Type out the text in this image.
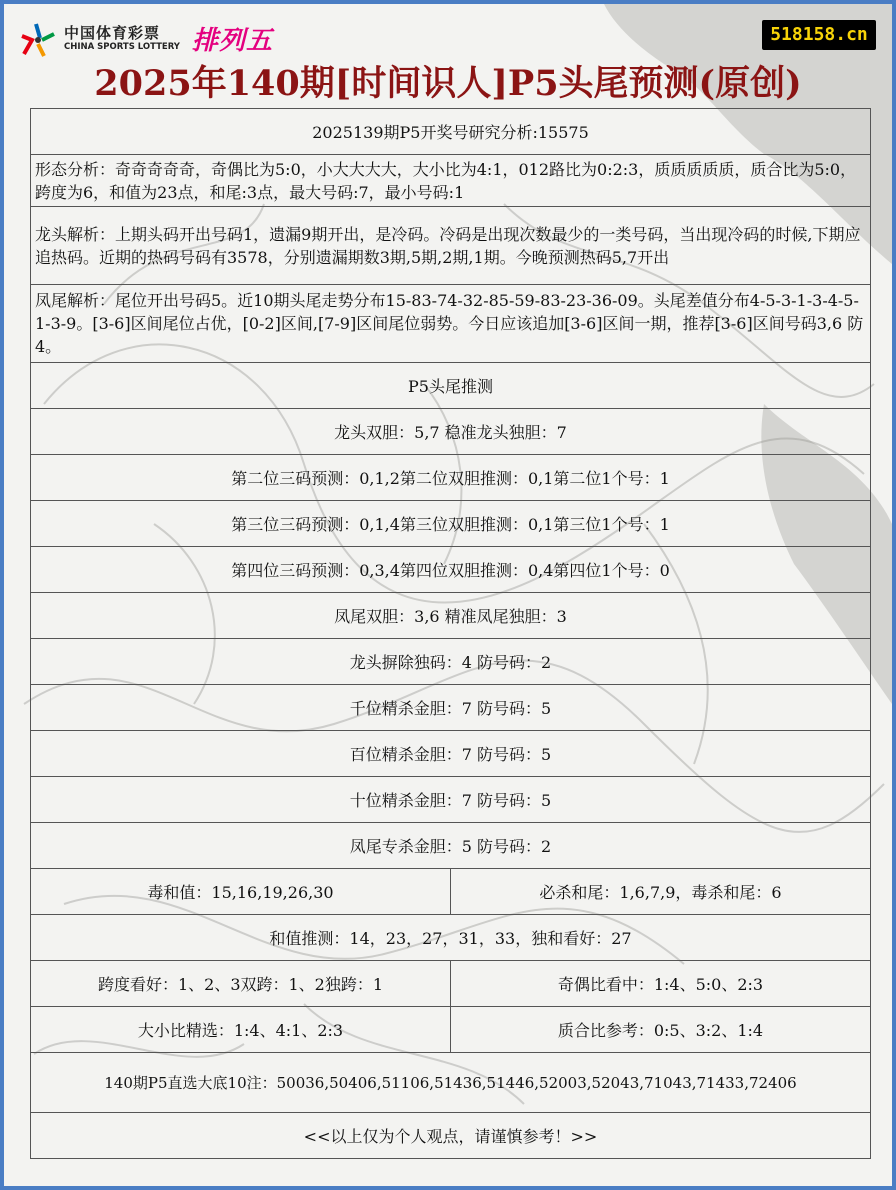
中国体育彩票
CHINA SPORTS LOTTERY 排列五	518158.cn
2025年140期[时间识人]P5头尾预测(原创)
2025139期P5开奖号研究分析:15575	
形态分析：奇奇奇奇奇，奇偶比为5:0，小大大大大，大小比为4:1，012路比为0:2:3，质质质质质，质合比为5:0，跨度为6，和值为23点，和尾:3点，最大号码:7，最小号码:1	
龙头解析：上期头码开出号码1，遗漏9期开出，是冷码。冷码是出现次数最少的一类号码，当出现冷码的时候,下期应追热码。近期的热码号码有3578，分别遗漏期数3期,5期,2期,1期。今晚预测热码5,7开出	
凤尾解析：尾位开出号码5。近10期头尾走势分布15-83-74-32-85-59-83-23-36-09。头尾差值分布4-5-3-1-3-4-5-1-3-9。[3-6]区间尾位占优，[0-2]区间,[7-9]区间尾位弱势。今日应该追加[3-6]区间一期，推荐[3-6]区间号码3,6 防4。	
P5头尾推测	
龙头双胆：5,7 稳准龙头独胆：7	
第二位三码预测：0,1,2第二位双胆推测：0,1第二位1个号：1	
第三位三码预测：0,1,4第三位双胆推测：0,1第三位1个号：1	
第四位三码预测：0,3,4第四位双胆推测：0,4第四位1个号：0	
凤尾双胆：3,6 精准凤尾独胆：3	
龙头摒除独码：4 防号码：2	
千位精杀金胆：7 防号码：5	
百位精杀金胆：7 防号码：5	
十位精杀金胆：7 防号码：5	
凤尾专杀金胆：5 防号码：2	
毒和值：15,16,19,26,30	必杀和尾：1,6,7,9，毒杀和尾：6
和值推测：14，23，27，31，33，独和看好：27	
跨度看好：1、2、3双跨：1、2独跨：1	奇偶比看中：1:4、5:0、2:3
大小比精选：1:4、4:1、2:3	质合比参考：0:5、3:2、1:4
140期P5直选大底10注：50036,50406,51106,51436,51446,52003,52043,71043,71433,72406	
<<以上仅为个人观点，请谨慎参考！>>	
